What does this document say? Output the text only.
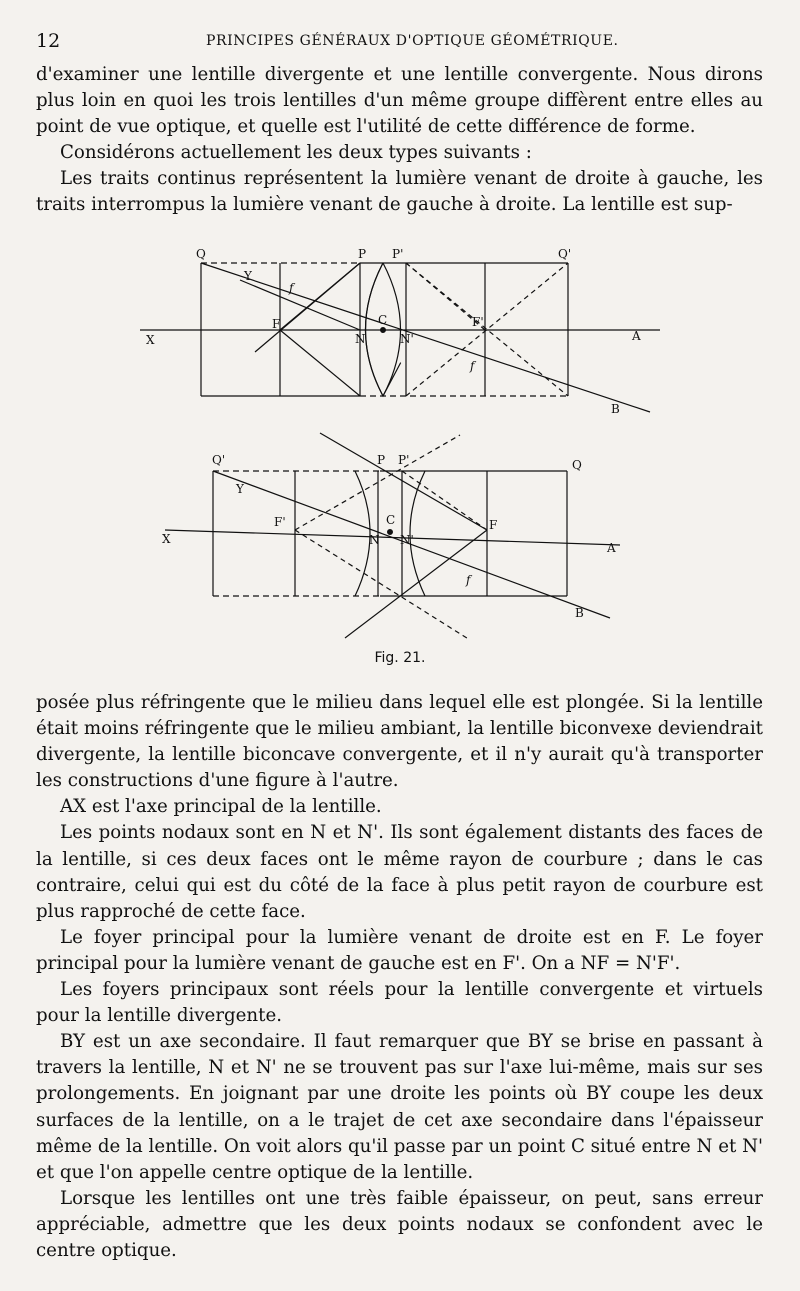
12	PRINCIPES GÉNÉRAUX D'OPTIQUE GÉOMÉTRIQUE.

d'examiner une lentille divergente et une lentille convergente. Nous dirons plus loin en quoi les trois lentilles d'un même groupe diffèrent entre elles au point de vue optique, et quelle est l'utilité de cette différence de forme.

Considérons actuellement les deux types suivants :

Les traits continus représentent la lumière venant de droite à gauche, les traits interrompus la lumière venant de gauche à droite. La lentille est sup-

Q	P P'	Q'
Y
f
F	C
N	N'
F'
X	A
f
B
Q'	P P'	Q
Y
F'	C	F
X	N N'
A
f
B
Fig. 21.

posée plus réfringente que le milieu dans lequel elle est plongée. Si la lentille était moins réfringente que le milieu ambiant, la lentille biconvexe deviendrait divergente, la lentille biconcave convergente, et il n'y aurait qu'à transporter les constructions d'une figure à l'autre.

AX est l'axe principal de la lentille.

Les points nodaux sont en N et N'. Ils sont également distants des faces de la lentille, si ces deux faces ont le même rayon de courbure ; dans le cas contraire, celui qui est du côté de la face à plus petit rayon de courbure est plus rapproché de cette face.

Le foyer principal pour la lumière venant de droite est en F. Le foyer principal pour la lumière venant de gauche est en F'. On a NF = N'F'.

Les foyers principaux sont réels pour la lentille convergente et virtuels pour la lentille divergente.

BY est un axe secondaire. Il faut remarquer que BY se brise en passant à travers la lentille, N et N' ne se trouvent pas sur l'axe lui-même, mais sur ses prolongements. En joignant par une droite les points où BY coupe les deux surfaces de la lentille, on a le trajet de cet axe secondaire dans l'épaisseur même de la lentille. On voit alors qu'il passe par un point C situé entre N et N' et que l'on appelle centre optique de la lentille.

Lorsque les lentilles ont une très faible épaisseur, on peut, sans erreur appréciable, admettre que les deux points nodaux se confondent avec le centre optique.
